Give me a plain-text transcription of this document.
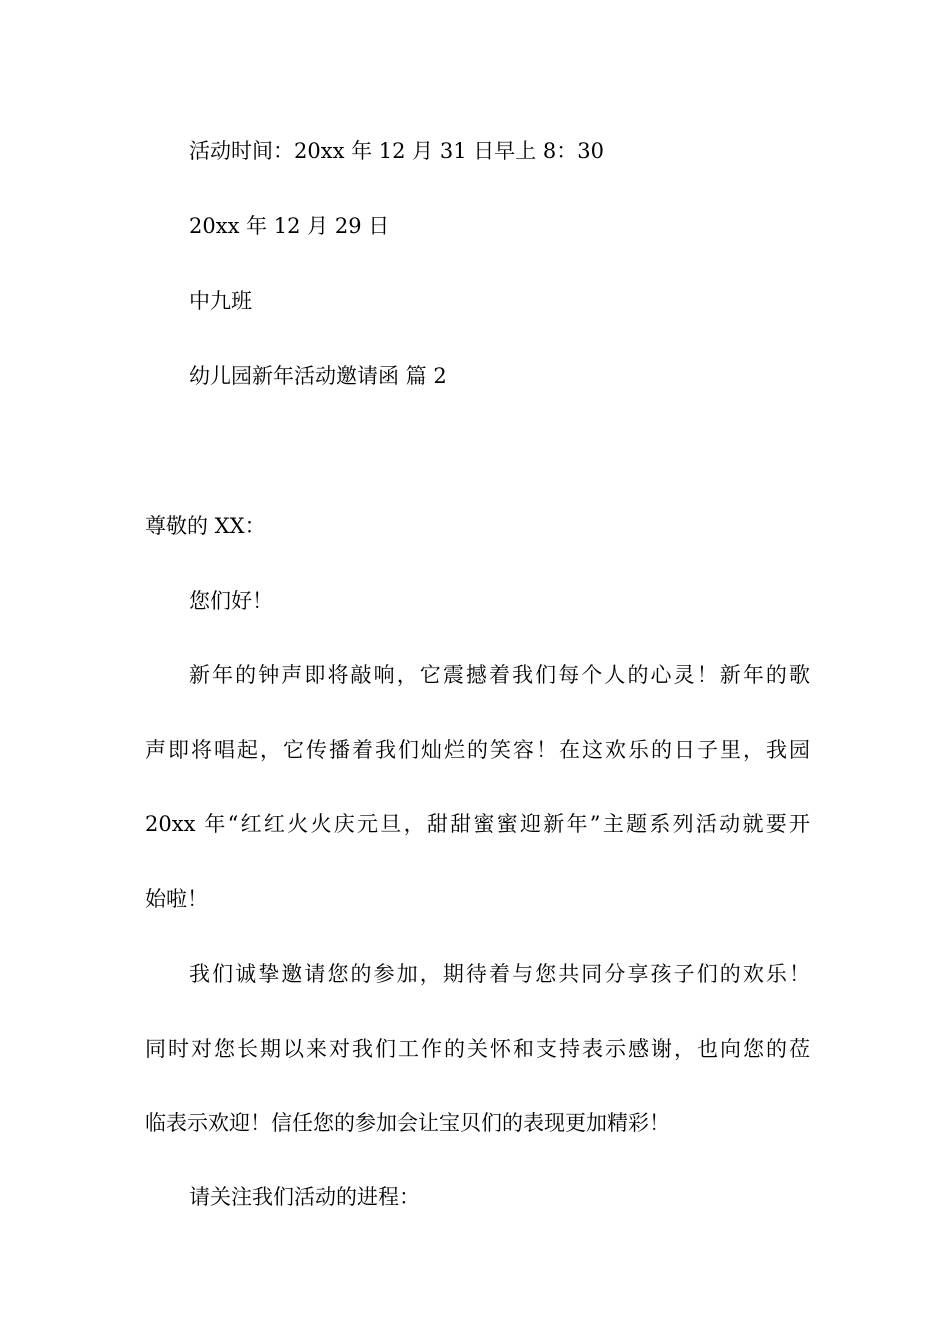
活动时间：20xx 年 12 月 31 日早上 8：30
20xx 年 12 月 29 日
中九班
幼儿园新年活动邀请函 篇 2
尊敬的 XX：
您们好！
新年的钟声即将敲响，它震撼着我们每个人的心灵！新年的歌
声即将唱起，它传播着我们灿烂的笑容！在这欢乐的日子里，我园
20xx 年“红红火火庆元旦，甜甜蜜蜜迎新年”主题系列活动就要开
始啦！
我们诚挚邀请您的参加，期待着与您共同分享孩子们的欢乐！
同时对您长期以来对我们工作的关怀和支持表示感谢，也向您的莅
临表示欢迎！信任您的参加会让宝贝们的表现更加精彩！
请关注我们活动的进程：
